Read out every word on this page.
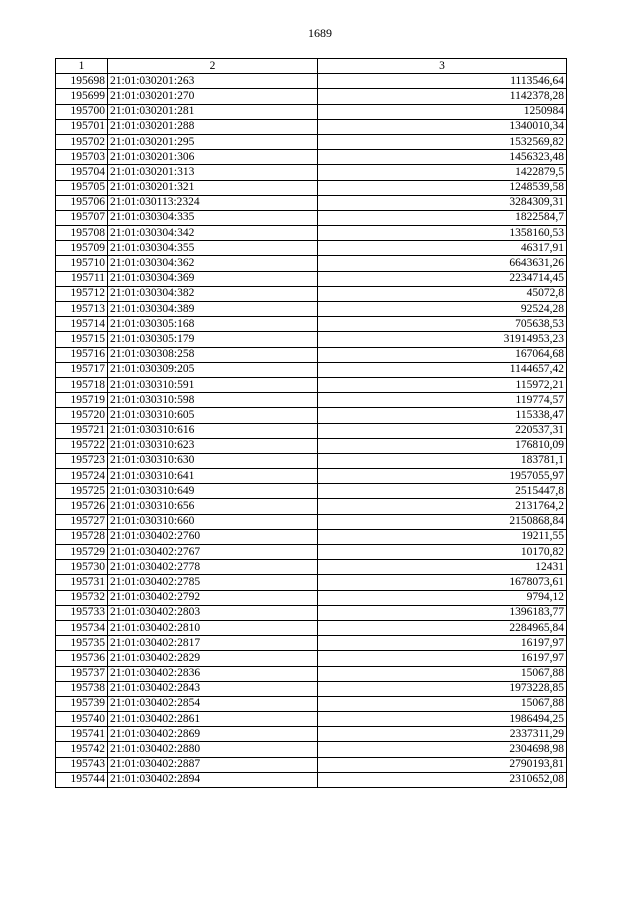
1689
1	2	3
195698	21:01:030201:263	1113546,64
195699	21:01:030201:270	1142378,28
195700	21:01:030201:281	1250984
195701	21:01:030201:288	1340010,34
195702	21:01:030201:295	1532569,82
195703	21:01:030201:306	1456323,48
195704	21:01:030201:313	1422879,5
195705	21:01:030201:321	1248539,58
195706	21:01:030113:2324	3284309,31
195707	21:01:030304:335	1822584,7
195708	21:01:030304:342	1358160,53
195709	21:01:030304:355	46317,91
195710	21:01:030304:362	6643631,26
195711	21:01:030304:369	2234714,45
195712	21:01:030304:382	45072,8
195713	21:01:030304:389	92524,28
195714	21:01:030305:168	705638,53
195715	21:01:030305:179	31914953,23
195716	21:01:030308:258	167064,68
195717	21:01:030309:205	1144657,42
195718	21:01:030310:591	115972,21
195719	21:01:030310:598	119774,57
195720	21:01:030310:605	115338,47
195721	21:01:030310:616	220537,31
195722	21:01:030310:623	176810,09
195723	21:01:030310:630	183781,1
195724	21:01:030310:641	1957055,97
195725	21:01:030310:649	2515447,8
195726	21:01:030310:656	2131764,2
195727	21:01:030310:660	2150868,84
195728	21:01:030402:2760	19211,55
195729	21:01:030402:2767	10170,82
195730	21:01:030402:2778	12431
195731	21:01:030402:2785	1678073,61
195732	21:01:030402:2792	9794,12
195733	21:01:030402:2803	1396183,77
195734	21:01:030402:2810	2284965,84
195735	21:01:030402:2817	16197,97
195736	21:01:030402:2829	16197,97
195737	21:01:030402:2836	15067,88
195738	21:01:030402:2843	1973228,85
195739	21:01:030402:2854	15067,88
195740	21:01:030402:2861	1986494,25
195741	21:01:030402:2869	2337311,29
195742	21:01:030402:2880	2304698,98
195743	21:01:030402:2887	2790193,81
195744	21:01:030402:2894	2310652,08
